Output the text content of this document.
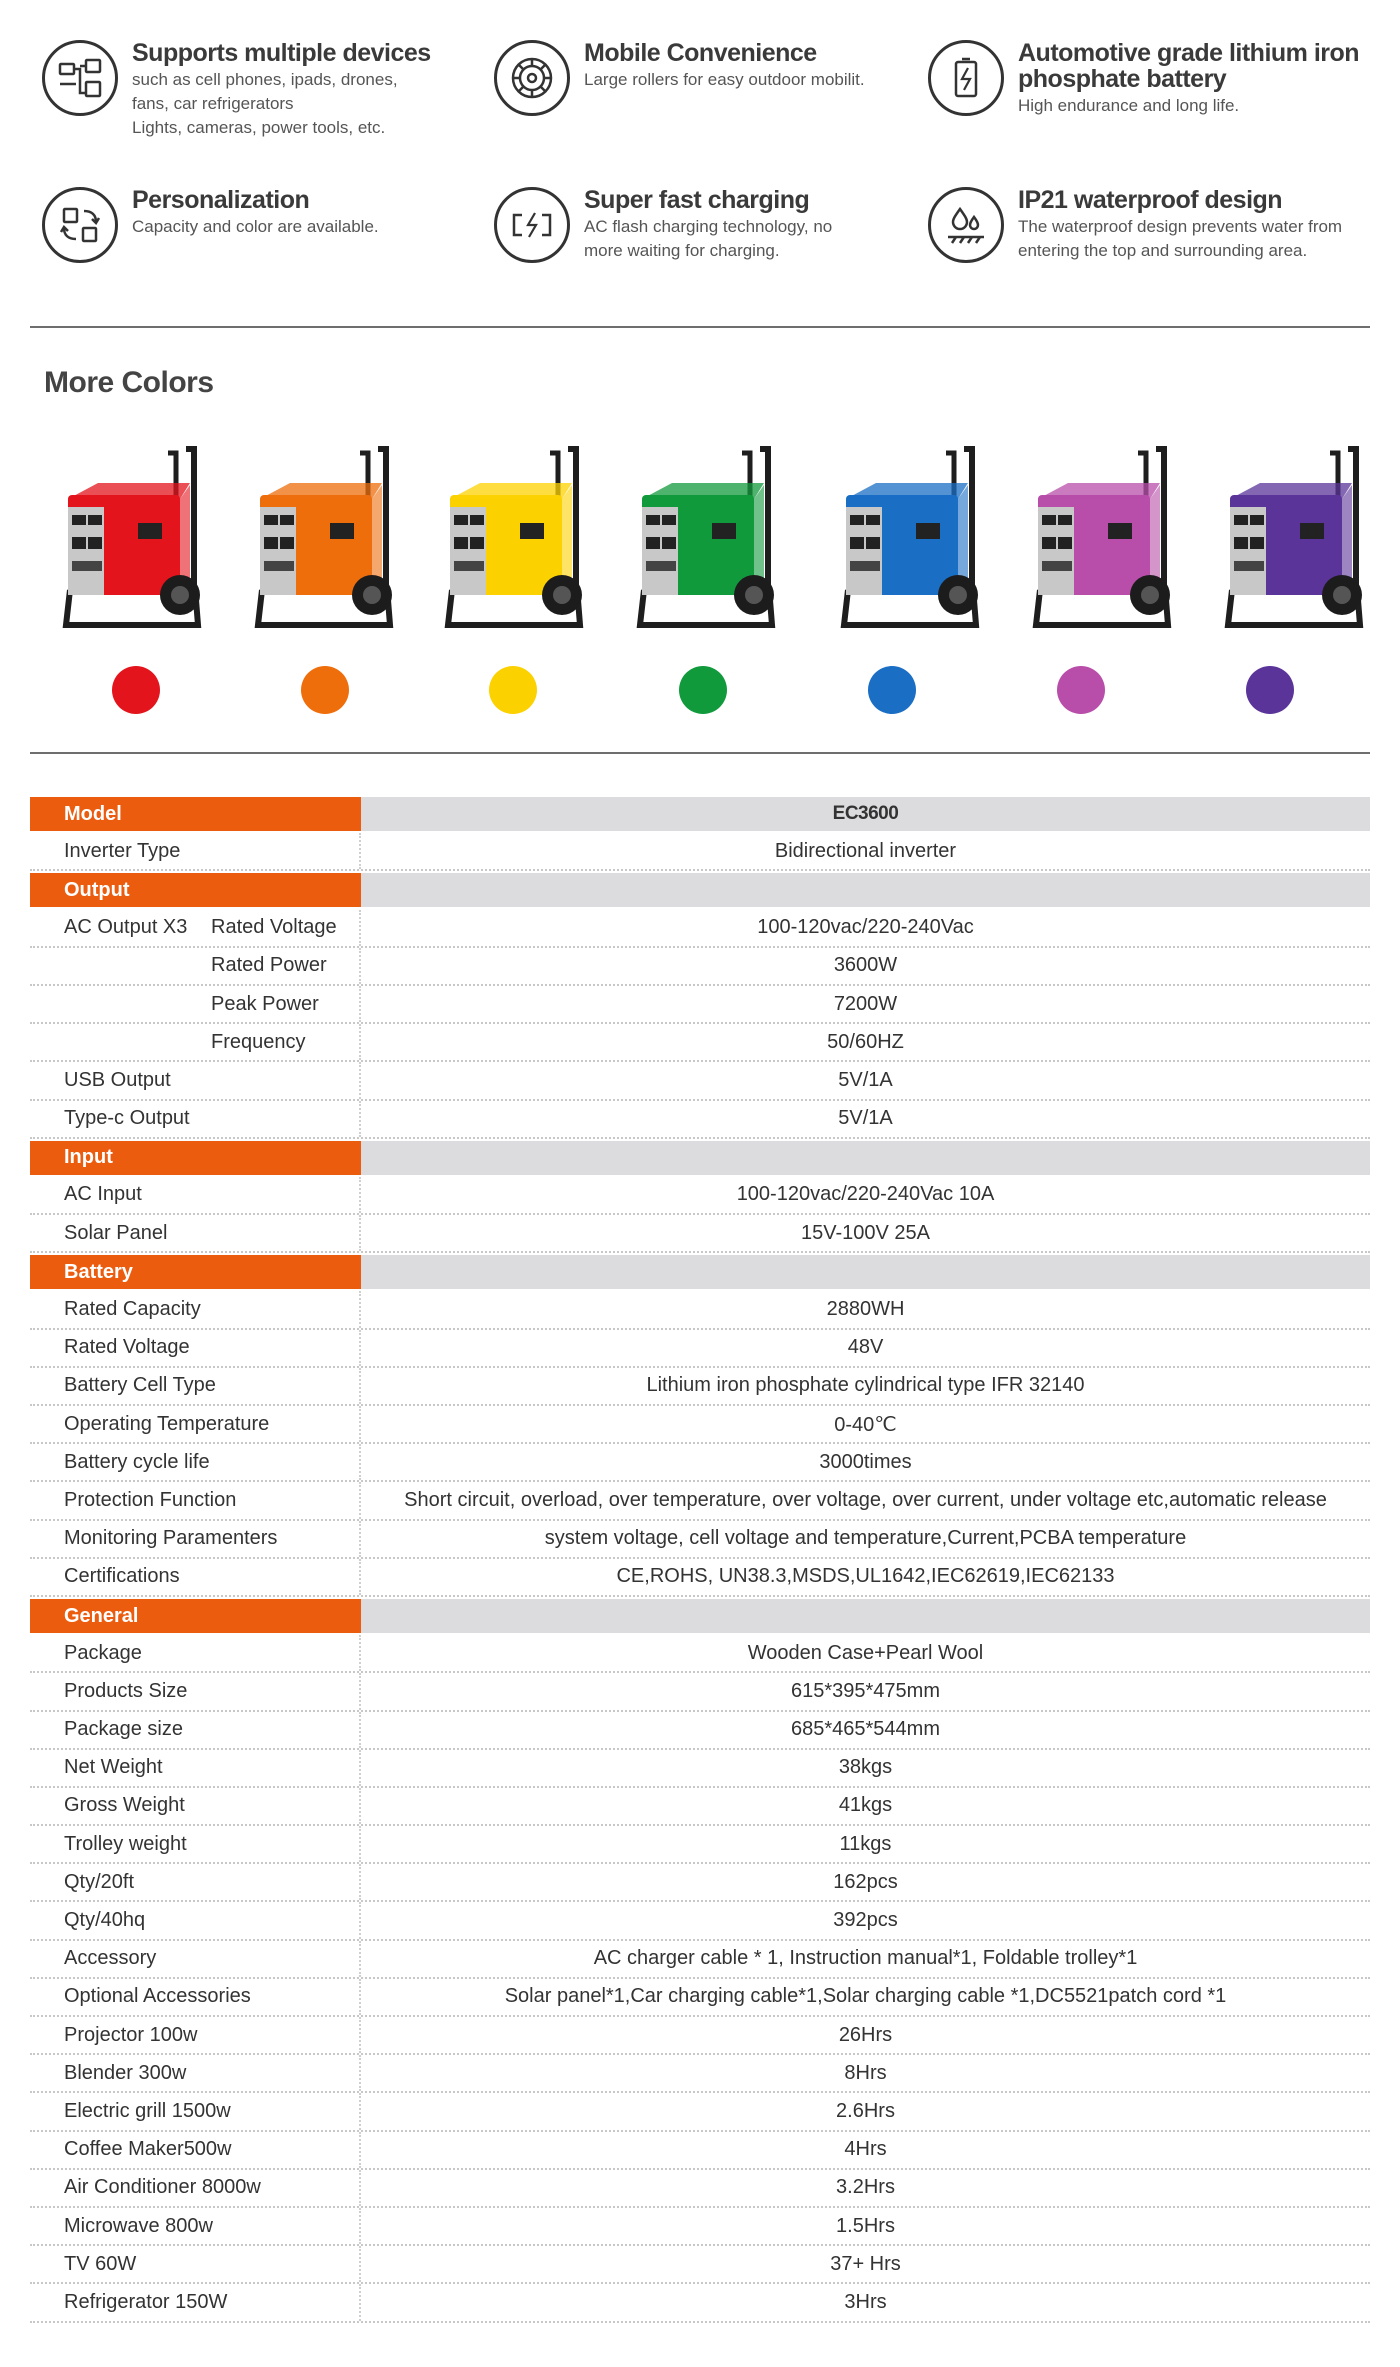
Supports multiple devices
such as cell phones, ipads, drones,
fans, car refrigerators
Lights, cameras, power tools, etc.
Mobile Convenience
Large rollers for easy outdoor mobilit.
Automotive grade lithium iron
phosphate battery
High endurance and long life.
Personalization
Capacity and color are available.
Super fast charging
AC flash charging technology, no
more waiting for charging.
IP21 waterproof design
The waterproof design prevents water from
entering the top and surrounding area.
More Colors
Model	EC3600
Inverter Type	Bidirectional inverter
Output
AC Output X3 Rated Voltage	100-120vac/220-240Vac
Rated Power	3600W
Peak Power	7200W
Frequency	50/60HZ
USB Output	5V/1A
Type-c Output	5V/1A
Input
AC Input	100-120vac/220-240Vac 10A
Solar Panel	15V-100V 25A
Battery
Rated Capacity	2880WH
Rated Voltage	48V
Battery Cell Type	Lithium iron phosphate cylindrical type IFR 32140
Operating Temperature	0-40℃
Battery cycle life	3000times
Protection Function	Short circuit, overload, over temperature, over voltage, over current, under voltage etc,automatic release
Monitoring Paramenters	system voltage, cell voltage and temperature,Current,PCBA temperature
Certifications	CE,ROHS, UN38.3,MSDS,UL1642,IEC62619,IEC62133
General
Package	Wooden Case+Pearl Wool
Products Size	615*395*475mm
Package size	685*465*544mm
Net Weight	38kgs
Gross Weight	41kgs
Trolley weight	11kgs
Qty/20ft	162pcs
Qty/40hq	392pcs
Accessory	AC charger cable * 1, Instruction manual*1, Foldable trolley*1
Optional Accessories	Solar panel*1,Car charging cable*1,Solar charging cable *1,DC5521patch cord *1
Projector 100w	26Hrs
Blender 300w	8Hrs
Electric grill 1500w	2.6Hrs
Coffee Maker500w	4Hrs
Air Conditioner 8000w	3.2Hrs
Microwave 800w	1.5Hrs
TV 60W	37+ Hrs
Refrigerator 150W	3Hrs
